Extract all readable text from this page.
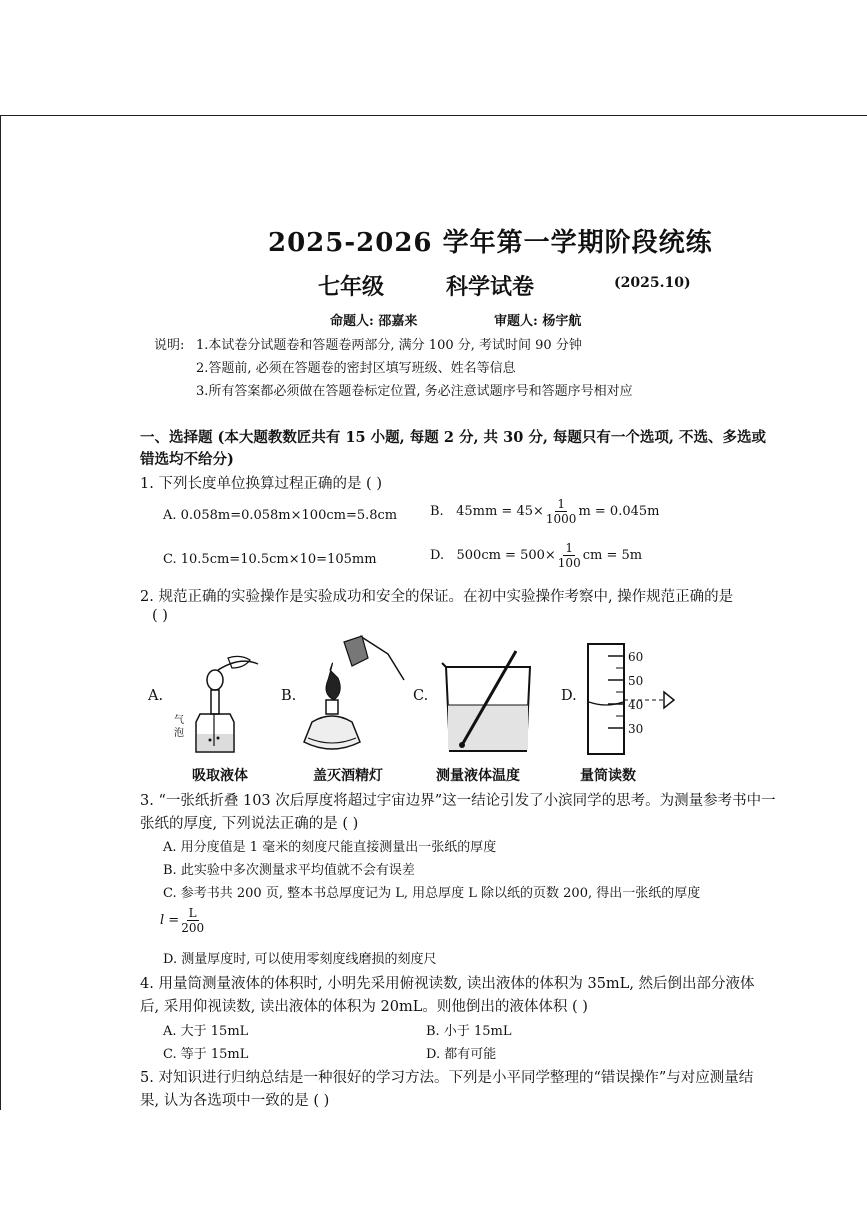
2025-2026 学年第一学期阶段统练
七年级	科学试卷	(2025.10)
命题人: 邵嘉来	审题人: 杨宇航
说明: 1.本试卷分试题卷和答题卷两部分, 满分 100 分, 考试时间 90 分钟
2.答题前, 必须在答题卷的密封区填写班级、姓名等信息
3.所有答案都必须做在答题卷标定位置, 务必注意试题序号和答题序号相对应
一、选择题 (本大题教数匠共有 15 小题, 每题 2 分, 共 30 分, 每题只有一个选项, 不选、多选或
错选均不给分)
1. 下列长度单位换算过程正确的是 ( )
A. 0.058m=0.058m×100cm=5.8cm	B. $45mm = 45\times \frac{1}{1000}$ m = 0.045m
C. 10.5cm=10.5cm×10=105mm	D. $500cm = 500\times \frac{1}{100}$ cm = 5m
2. 规范正确的实验操作是实验成功和安全的保证。在初中实验操作考察中, 操作规范正确的是
( )
A.
气
泡
B.	C.	D.
60
50
40
30
吸取液体	盖灭酒精灯	测量液体温度	量筒读数
3. “一张纸折叠 103 次后厚度将超过宇宙边界”这一结论引发了小滨同学的思考。为测量参考书中一
张纸的厚度, 下列说法正确的是 ( )
A. 用分度值是 1 毫米的刻度尺能直接测量出一张纸的厚度
B. 此实验中多次测量求平均值就不会有误差
C. 参考书共 200 页, 整本书总厚度记为 L, 用总厚度 L 除以纸的页数 200, 得出一张纸的厚度
$l = \frac{L}{200}$
D. 测量厚度时, 可以使用零刻度线磨损的刻度尺
4. 用量筒测量液体的体积时, 小明先采用俯视读数, 读出液体的体积为 35mL, 然后倒出部分液体
后, 采用仰视读数, 读出液体的体积为 20mL。则他倒出的液体体积 ( )
A. 大于 15mL	B. 小于 15mL
C. 等于 15mL	D. 都有可能
5. 对知识进行归纳总结是一种很好的学习方法。下列是小平同学整理的“错误操作”与对应测量结
果, 认为各选项中一致的是 ( )
